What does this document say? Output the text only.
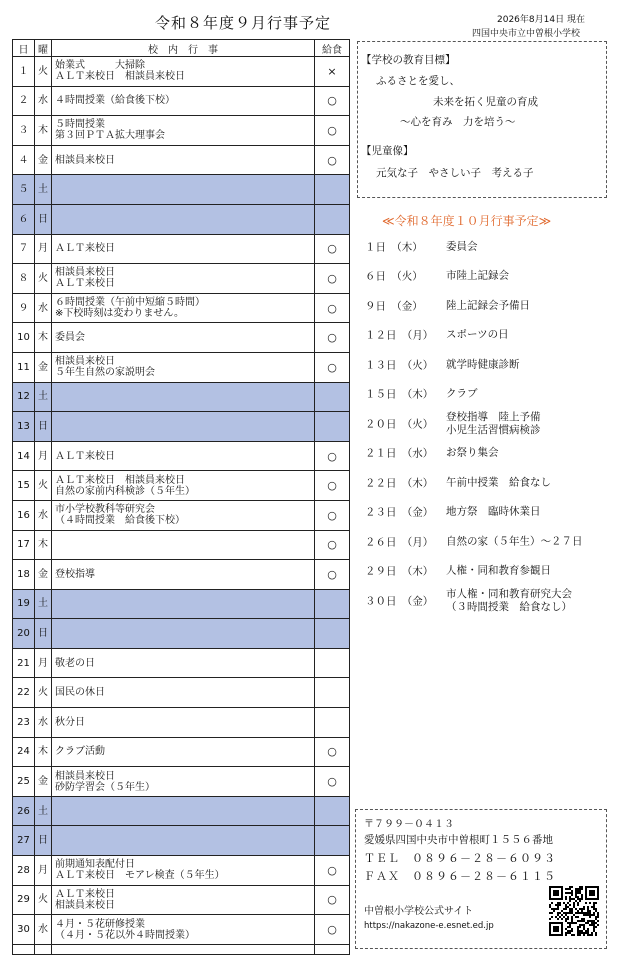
令和８年度９月行事予定	2026年8月14日 現在
四国中央市立中曽根小学校
日	曜	校　内　行　事	給食
１	火	始業式　　　大掃除
ＡＬＴ来校日　相談員来校日	×
２	水	４時間授業（給食後下校）	○
３	木	５時間授業
第３回ＰＴＡ拡大理事会	○
４	金	相談員来校日	○
５	土		
６	日		
７	月	ＡＬＴ来校日	○
８	火	相談員来校日
ＡＬＴ来校日	○
９	水	６時間授業（午前中短縮５時間）
※下校時刻は変わりません。	○
10	木	委員会	○
11	金	相談員来校日
５年生自然の家説明会	○
12	土		
13	日		
14	月	ＡＬＴ来校日	○
15	火	ＡＬＴ来校日　相談員来校日
自然の家前内科検診（５年生）	○
16	水	市小学校教科等研究会
（４時間授業　給食後下校）	○
17	木		○
18	金	登校指導	○
19	土		
20	日		
21	月	敬老の日	
22	火	国民の休日	
23	水	秋分日	
24	木	クラブ活動	○
25	金	相談員来校日
砂防学習会（５年生）	○
26	土		
27	日		
28	月	前期通知表配付日
ＡＬＴ来校日　モアレ検査（５年生）	○
29	火	ＡＬＴ来校日
相談員来校日	○
30	水	４月・５花研修授業
（４月・５花以外４時間授業）	○

【学校の教育目標】
ふるさとを愛し、
未来を拓く児童の育成
～心を育み　力を培う～
【児童像】
元気な子　やさしい子　考える子
≪令和８年度１０月行事予定≫
１日　（木） 委員会
６日　（火） 市陸上記録会
９日　（金） 陸上記録会予備日
１２日　（月） スポーツの日
１３日　（火） 就学時健康診断
１５日　（木） クラブ
２０日　（火）
登校指導　陸上予備
小児生活習慣病検診
２１日　（水） お祭り集会
２２日　（木） 午前中授業　給食なし
２３日　（金） 地方祭　臨時休業日
２６日　（月） 自然の家（５年生）～２７日
２９日　（木） 人権・同和教育参観日
３０日　（金）
市人権・同和教育研究大会
（３時間授業　給食なし）
〒７９９－０４１３
愛媛県四国中央市中曽根町１５５６番地
ＴＥＬ　０８９６－２８－６０９３
ＦＡＸ　０８９６－２８－６１１５
中曽根小学校公式サイト
https://nakazone-e.esnet.ed.jp
